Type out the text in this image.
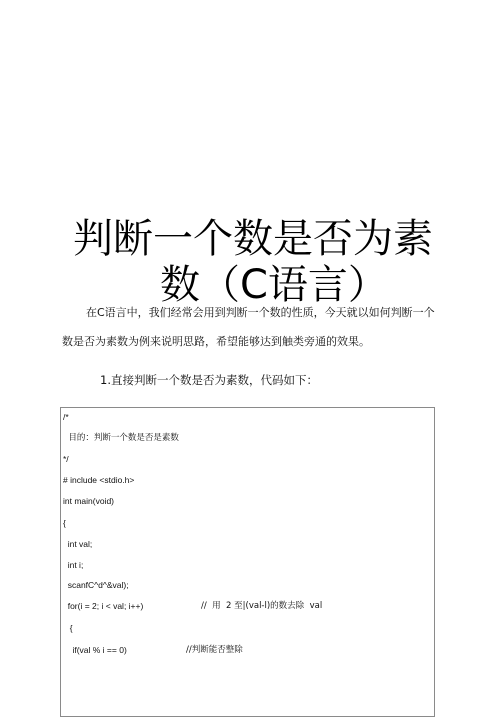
判断一个数是否为素
数（C语言）
在C语言中，我们经常会用到判断一个数的性质，今天就以如何判断一个
数是否为素数为例来说明思路，希望能够达到触类旁通的效果。
1.直接判断一个数是否为素数，代码如下：
/*
目的：判断一个数是否是素数
*/
# include <stdio.h>
int main(void)
{
int val;
int i;
scanfC^d^&val);
for(i = 2; i < val; i++)	//  用  2 至|(val-l)的数去除  val
{
if(val % i == 0)	//判断能否整除
